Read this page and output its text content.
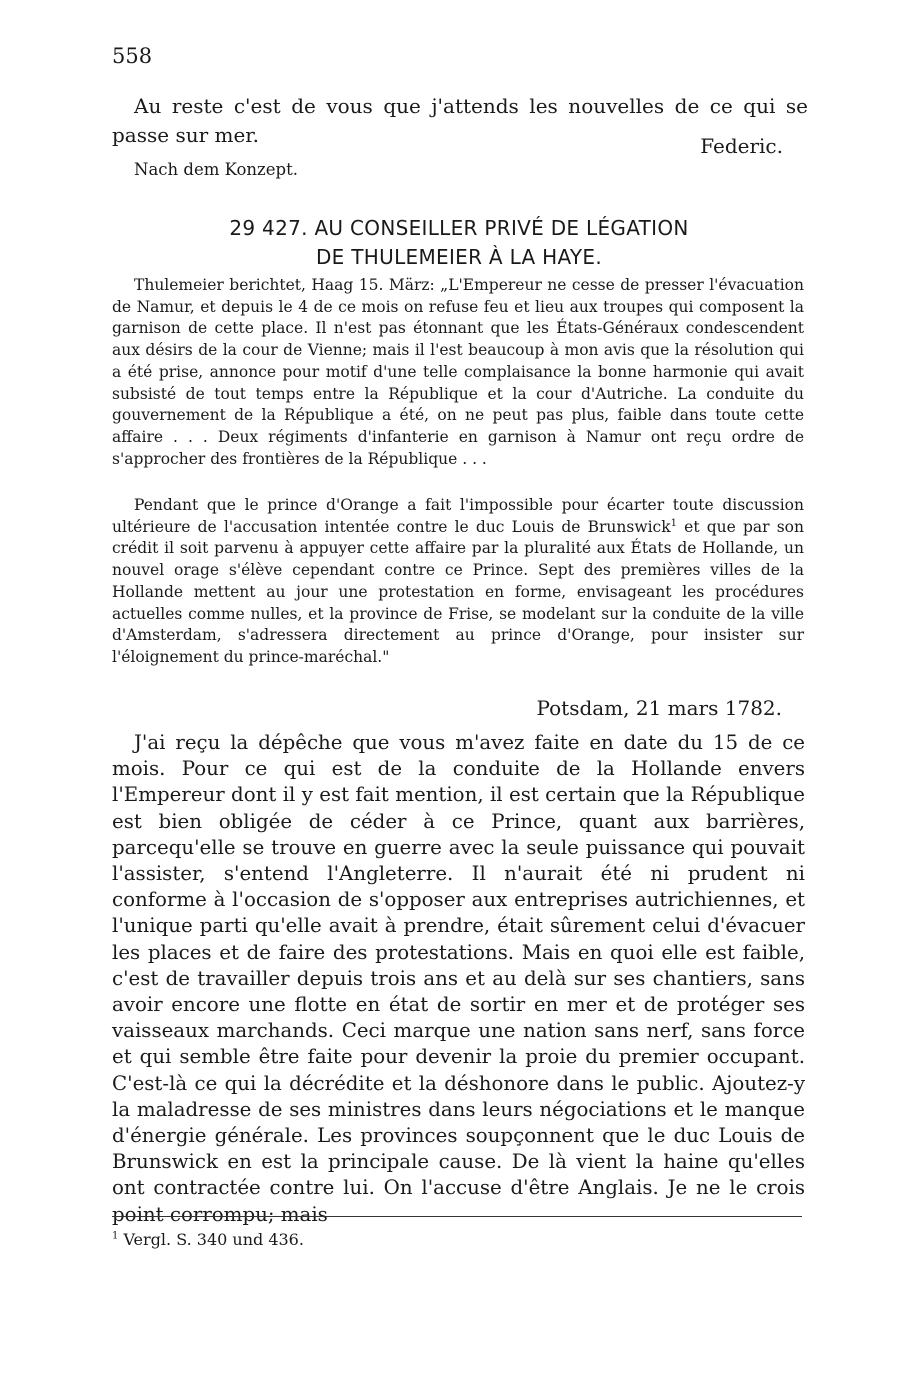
558

Au reste c'est de vous que j'attends les nouvelles de ce qui se passe sur mer.	Federic.
Nach dem Konzept.
29 427. AU CONSEILLER PRIVÉ DE LÉGATION
DE THULEMEIER À LA HAYE.

Thulemeier berichtet, Haag 15. März: „L'Empereur ne cesse de presser l'évacuation de Namur, et depuis le 4 de ce mois on refuse feu et lieu aux troupes qui composent la garnison de cette place. Il n'est pas étonnant que les États-Généraux condescendent aux désirs de la cour de Vienne; mais il l'est beaucoup à mon avis que la résolution qui a été prise, annonce pour motif d'une telle complaisance la bonne harmonie qui avait subsisté de tout temps entre la République et la cour d'Autriche. La conduite du gouvernement de la République a été, on ne peut pas plus, faible dans toute cette affaire . . . Deux régiments d'infanterie en garnison à Namur ont reçu ordre de s'approcher des frontières de la République . . .

Pendant que le prince d'Orange a fait l'impossible pour écarter toute discussion ultérieure de l'accusation intentée contre le duc Louis de Brunswick$^1$ et que par son crédit il soit parvenu à appuyer cette affaire par la pluralité aux États de Hollande, un nouvel orage s'élève cependant contre ce Prince. Sept des premières villes de la Hollande mettent au jour une protestation en forme, envisageant les procédures actuelles comme nulles, et la province de Frise, se modelant sur la conduite de la ville d'Amsterdam, s'adressera directement au prince d'Orange, pour insister sur l'éloignement du prince-maréchal."

Potsdam, 21 mars 1782.

J'ai reçu la dépêche que vous m'avez faite en date du 15 de ce mois. Pour ce qui est de la conduite de la Hollande envers l'Empereur dont il y est fait mention, il est certain que la République est bien obligée de céder à ce Prince, quant aux barrières, parcequ'elle se trouve en guerre avec la seule puissance qui pouvait l'assister, s'entend l'Angleterre. Il n'aurait été ni prudent ni conforme à l'occasion de s'opposer aux entreprises autrichiennes, et l'unique parti qu'elle avait à prendre, était sûrement celui d'évacuer les places et de faire des protestations. Mais en quoi elle est faible, c'est de travailler depuis trois ans et au delà sur ses chantiers, sans avoir encore une flotte en état de sortir en mer et de protéger ses vaisseaux marchands. Ceci marque une nation sans nerf, sans force et qui semble être faite pour devenir la proie du premier occupant. C'est-là ce qui la décrédite et la déshonore dans le public. Ajoutez-y la maladresse de ses ministres dans leurs négociations et le manque d'énergie générale. Les provinces soupçonnent que le duc Louis de Brunswick en est la principale cause. De là vient la haine qu'elles ont contractée contre lui. On l'accuse d'être Anglais. Je ne le crois point corrompu; mais

$^1$ Vergl. S. 340 und 436.
